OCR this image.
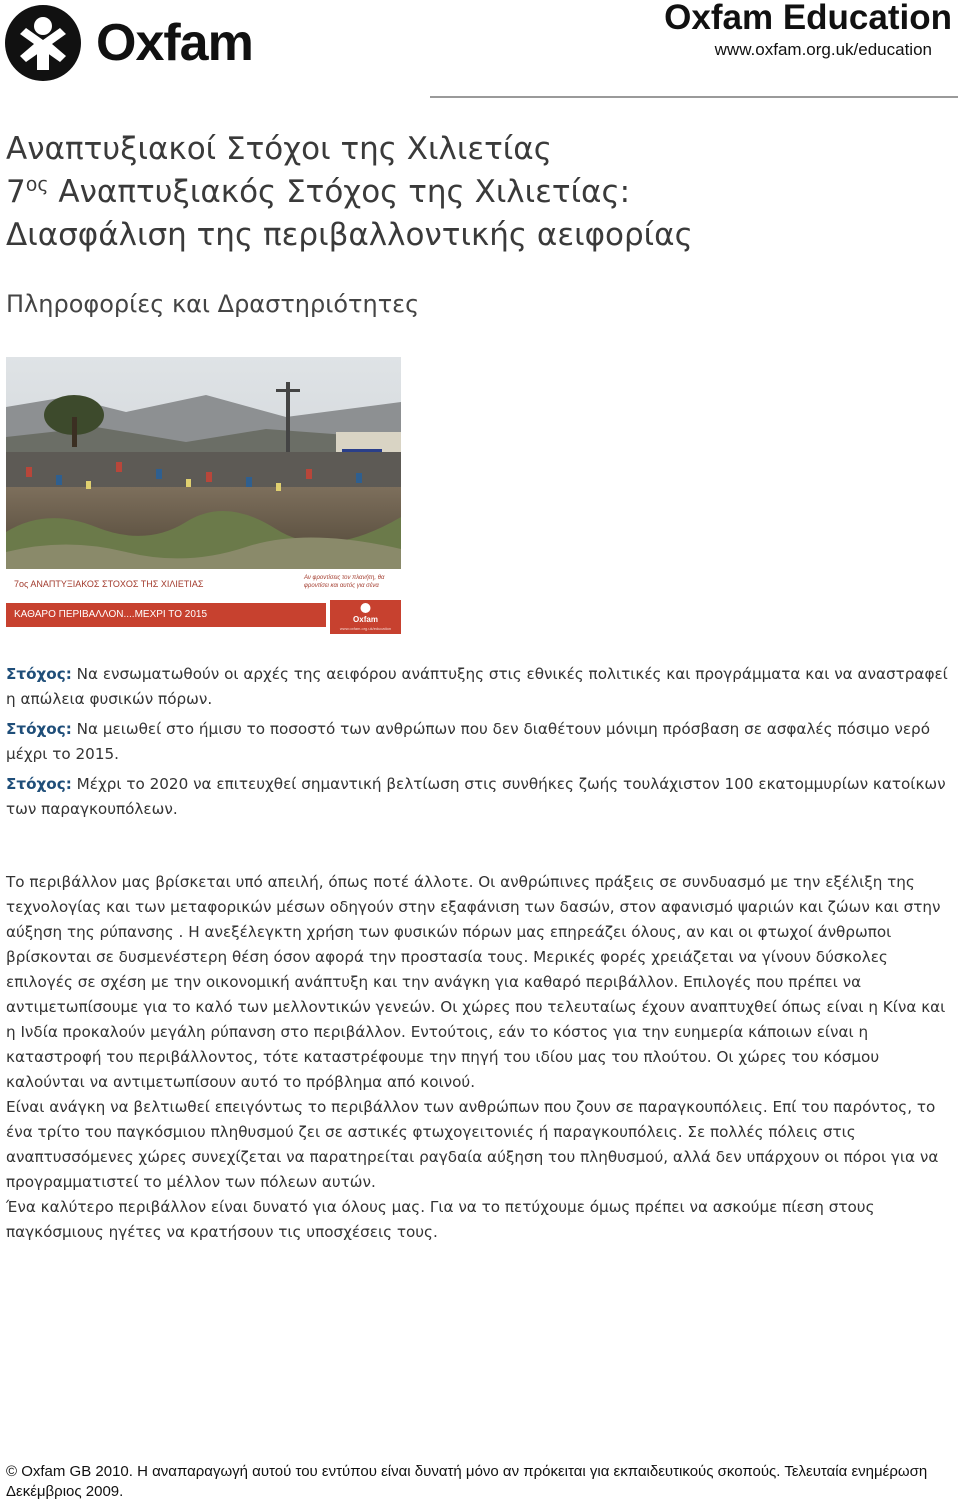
Oxfam	Oxfam Education
www.oxfam.org.uk/education
Αναπτυξιακοί Στόχοι της Χιλιετίας
$7^{o\varsigma}$ Αναπτυξιακός Στόχος της Χιλιετίας:
Διασφάλιση της περιβαλλοντικής αειφορίας
Πληροφορίες και Δραστηριότητες
7ος ΑΝΑΠΤΥΞΙΑΚΟΣ ΣΤΟΧΟΣ ΤΗΣ ΧΙΛΙΕΤΙΑΣ
Αν φροντίσεις τον πλανήτη, θα φροντίσει και αυτός για σένα
ΚΑΘΑΡΟ ΠΕΡΙΒΑΛΛΟΝ....ΜΕΧΡΙ ΤΟ 2015	Oxfam
www.oxfam.org.uk/education
Στόχος: Να ενσωματωθούν οι αρχές της αειφόρου ανάπτυξης στις εθνικές πολιτικές και προγράμματα και να αναστραφεί η απώλεια φυσικών πόρων.
Στόχος: Να μειωθεί στο ήμισυ το ποσοστό των ανθρώπων που δεν διαθέτουν μόνιμη πρόσβαση σε ασφαλές πόσιμο νερό μέχρι το 2015.
Στόχος: Μέχρι το 2020 να επιτευχθεί σημαντική βελτίωση στις συνθήκες ζωής τουλάχιστον 100 εκατομμυρίων κατοίκων των παραγκουπόλεων.

Το περιβάλλον μας βρίσκεται υπό απειλή, όπως ποτέ άλλοτε. Οι ανθρώπινες πράξεις σε συνδυασμό με την εξέλιξη της τεχνολογίας και των μεταφορικών μέσων οδηγούν στην εξαφάνιση των δασών, στον αφανισμό ψαριών και ζώων και στην αύξηση της ρύπανσης . Η ανεξέλεγκτη χρήση των φυσικών πόρων μας επηρεάζει όλους, αν και οι φτωχοί άνθρωποι βρίσκονται σε δυσμενέστερη θέση όσον αφορά την προστασία τους. Μερικές φορές χρειάζεται να γίνουν δύσκολες επιλογές σε σχέση με την οικονομική ανάπτυξη και την ανάγκη για καθαρό περιβάλλον. Επιλογές που πρέπει να αντιμετωπίσουμε για το καλό των μελλοντικών γενεών. Οι χώρες που τελευταίως έχουν αναπτυχθεί όπως είναι η Κίνα και η Ινδία προκαλούν μεγάλη ρύπανση στο περιβάλλον. Εντούτοις, εάν το κόστος για την ευημερία κάποιων είναι η καταστροφή του περιβάλλοντος, τότε καταστρέφουμε την πηγή του ιδίου μας του πλούτου. Οι χώρες του κόσμου καλούνται να αντιμετωπίσουν αυτό το πρόβλημα από κοινού.

Είναι ανάγκη να βελτιωθεί επειγόντως το περιβάλλον των ανθρώπων που ζουν σε παραγκουπόλεις. Επί του παρόντος, το ένα τρίτο του παγκόσμιου πληθυσμού ζει σε αστικές φτωχογειτονιές ή παραγκουπόλεις. Σε πολλές πόλεις στις αναπτυσσόμενες χώρες συνεχίζεται να παρατηρείται ραγδαία αύξηση του πληθυσμού, αλλά δεν υπάρχουν οι πόροι για να προγραμματιστεί το μέλλον των πόλεων αυτών.

Ένα καλύτερο περιβάλλον είναι δυνατό για όλους μας. Για να το πετύχουμε όμως πρέπει να ασκούμε πίεση στους παγκόσμιους ηγέτες να κρατήσουν τις υποσχέσεις τους.

© Oxfam GB 2010. Η αναπαραγωγή αυτού του εντύπου είναι δυνατή μόνο αν πρόκειται για εκπαιδευτικούς σκοπούς. Τελευταία ενημέρωση Δεκέμβριος 2009.
